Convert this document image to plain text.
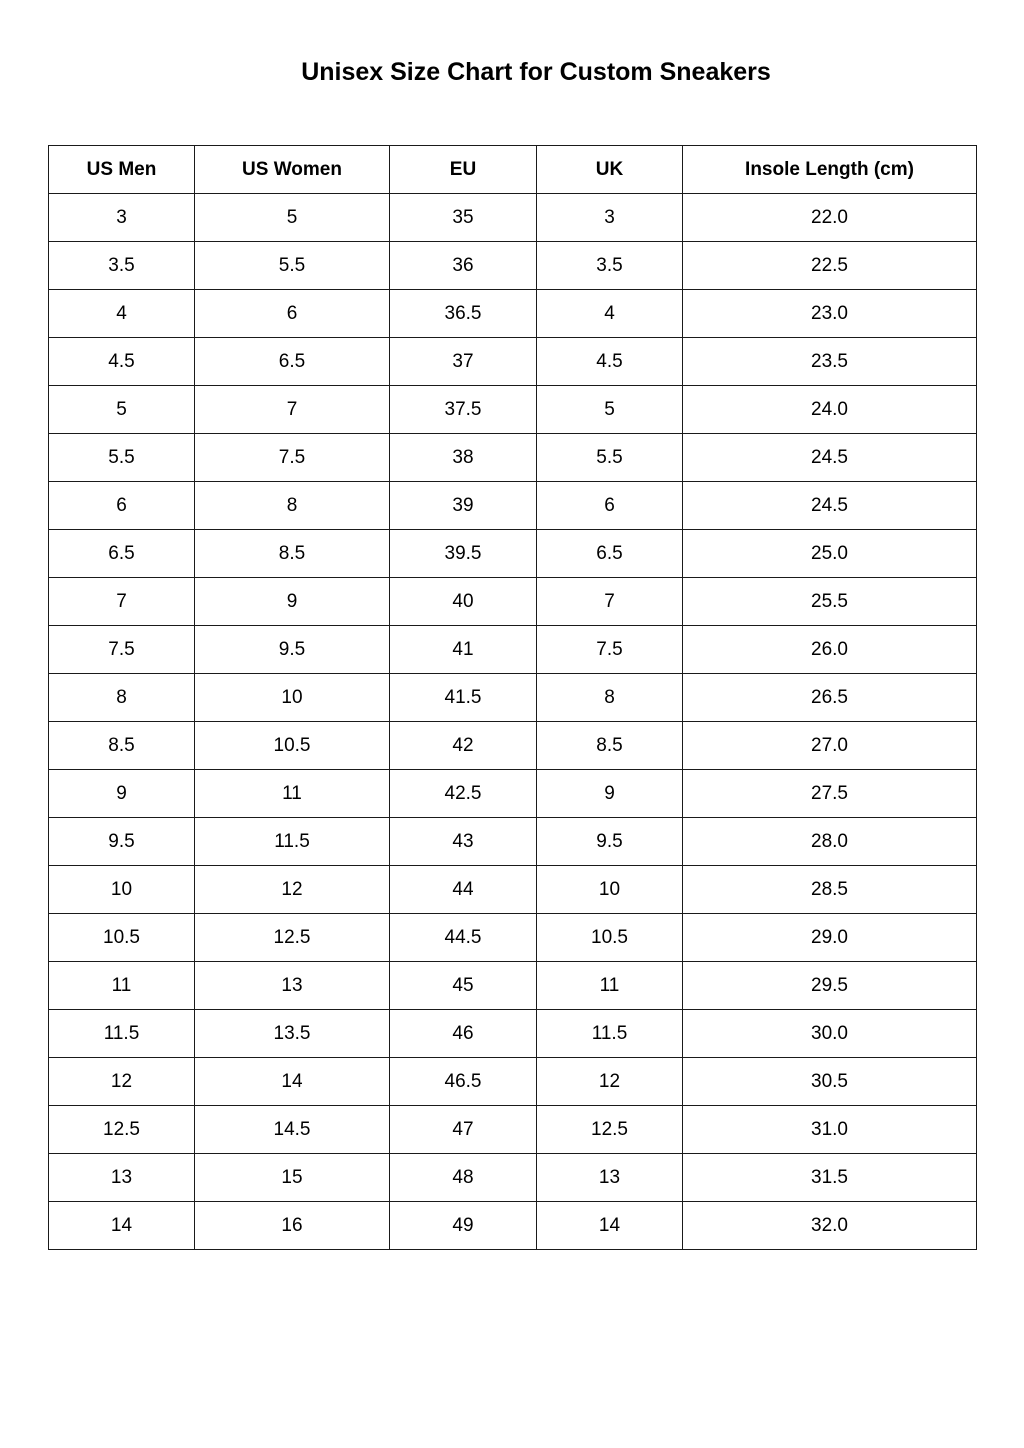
Unisex Size Chart for Custom Sneakers
US Men	US Women	EU	UK	Insole Length (cm)
3	5	35	3	22.0
3.5	5.5	36	3.5	22.5
4	6	36.5	4	23.0
4.5	6.5	37	4.5	23.5
5	7	37.5	5	24.0
5.5	7.5	38	5.5	24.5
6	8	39	6	24.5
6.5	8.5	39.5	6.5	25.0
7	9	40	7	25.5
7.5	9.5	41	7.5	26.0
8	10	41.5	8	26.5
8.5	10.5	42	8.5	27.0
9	11	42.5	9	27.5
9.5	11.5	43	9.5	28.0
10	12	44	10	28.5
10.5	12.5	44.5	10.5	29.0
11	13	45	11	29.5
11.5	13.5	46	11.5	30.0
12	14	46.5	12	30.5
12.5	14.5	47	12.5	31.0
13	15	48	13	31.5
14	16	49	14	32.0
